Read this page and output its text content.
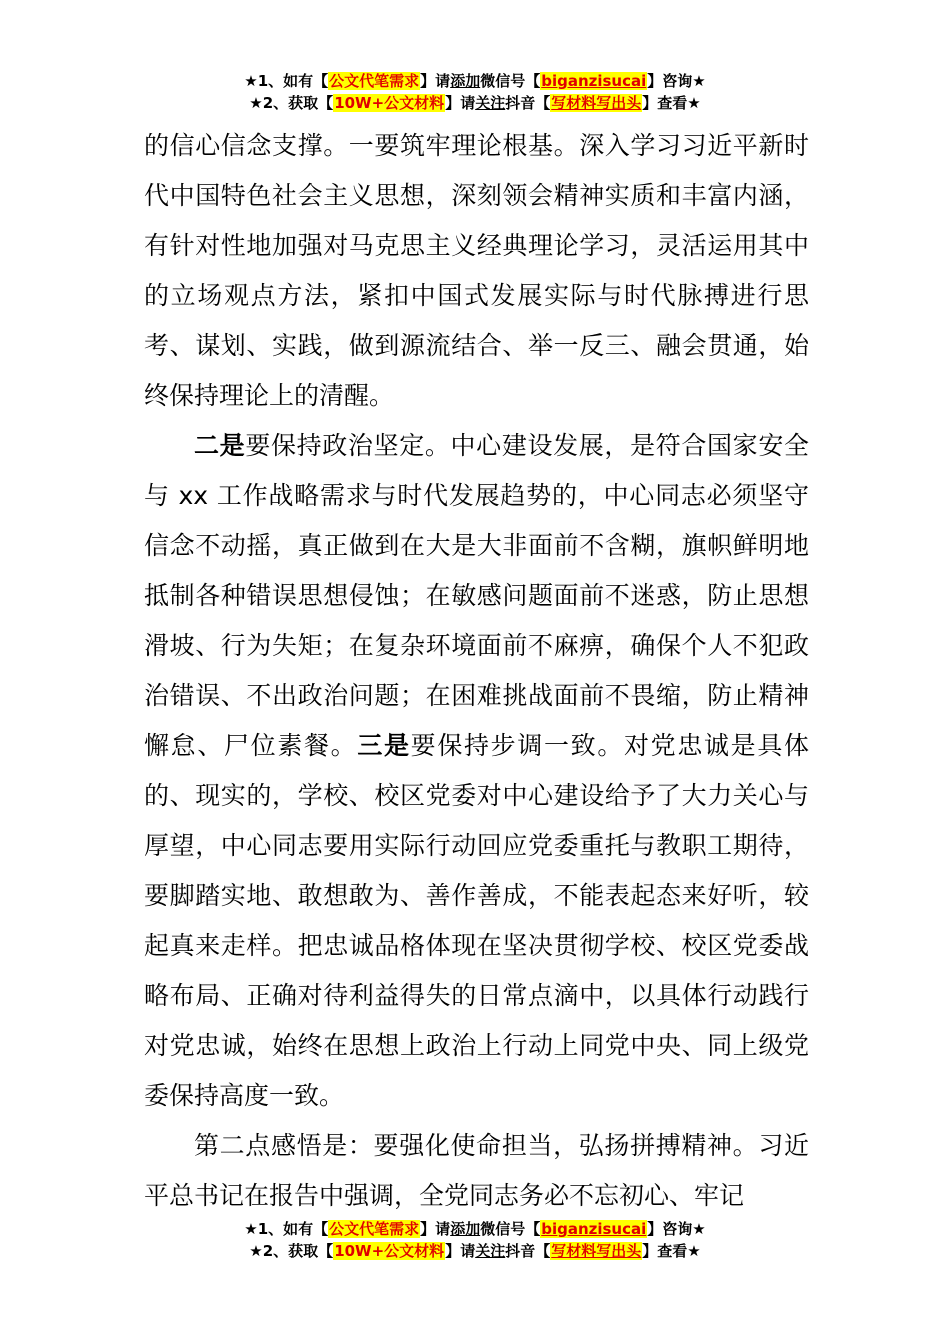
★1、如有【公文代笔需求】请添加微信号【biganzisucai】咨询★
★2、获取【10W+公文材料】请关注抖音【写材料写出头】查看★

的信心信念支撑。一要筑牢理论根基。深入学习习近平新时代中国特色社会主义思想，深刻领会精神实质和丰富内涵，有针对性地加强对马克思主义经典理论学习，灵活运用其中的立场观点方法，紧扣中国式发展实际与时代脉搏进行思考、谋划、实践，做到源流结合、举一反三、融会贯通，始终保持理论上的清醒。

二是要保持政治坚定。中心建设发展，是符合国家安全与 xx 工作战略需求与时代发展趋势的，中心同志必须坚守信念不动摇，真正做到在大是大非面前不含糊，旗帜鲜明地抵制各种错误思想侵蚀；在敏感问题面前不迷惑，防止思想滑坡、行为失矩；在复杂环境面前不麻痹，确保个人不犯政治错误、不出政治问题；在困难挑战面前不畏缩，防止精神懈怠、尸位素餐。三是要保持步调一致。对党忠诚是具体的、现实的，学校、校区党委对中心建设给予了大力关心与厚望，中心同志要用实际行动回应党委重托与教职工期待，要脚踏实地、敢想敢为、善作善成，不能表起态来好听，较起真来走样。把忠诚品格体现在坚决贯彻学校、校区党委战略布局、正确对待利益得失的日常点滴中，以具体行动践行对党忠诚，始终在思想上政治上行动上同党中央、同上级党委保持高度一致。

第二点感悟是：要强化使命担当，弘扬拼搏精神。习近平总书记在报告中强调，全党同志务必不忘初心、牢记

★1、如有【公文代笔需求】请添加微信号【biganzisucai】咨询★
★2、获取【10W+公文材料】请关注抖音【写材料写出头】查看★
